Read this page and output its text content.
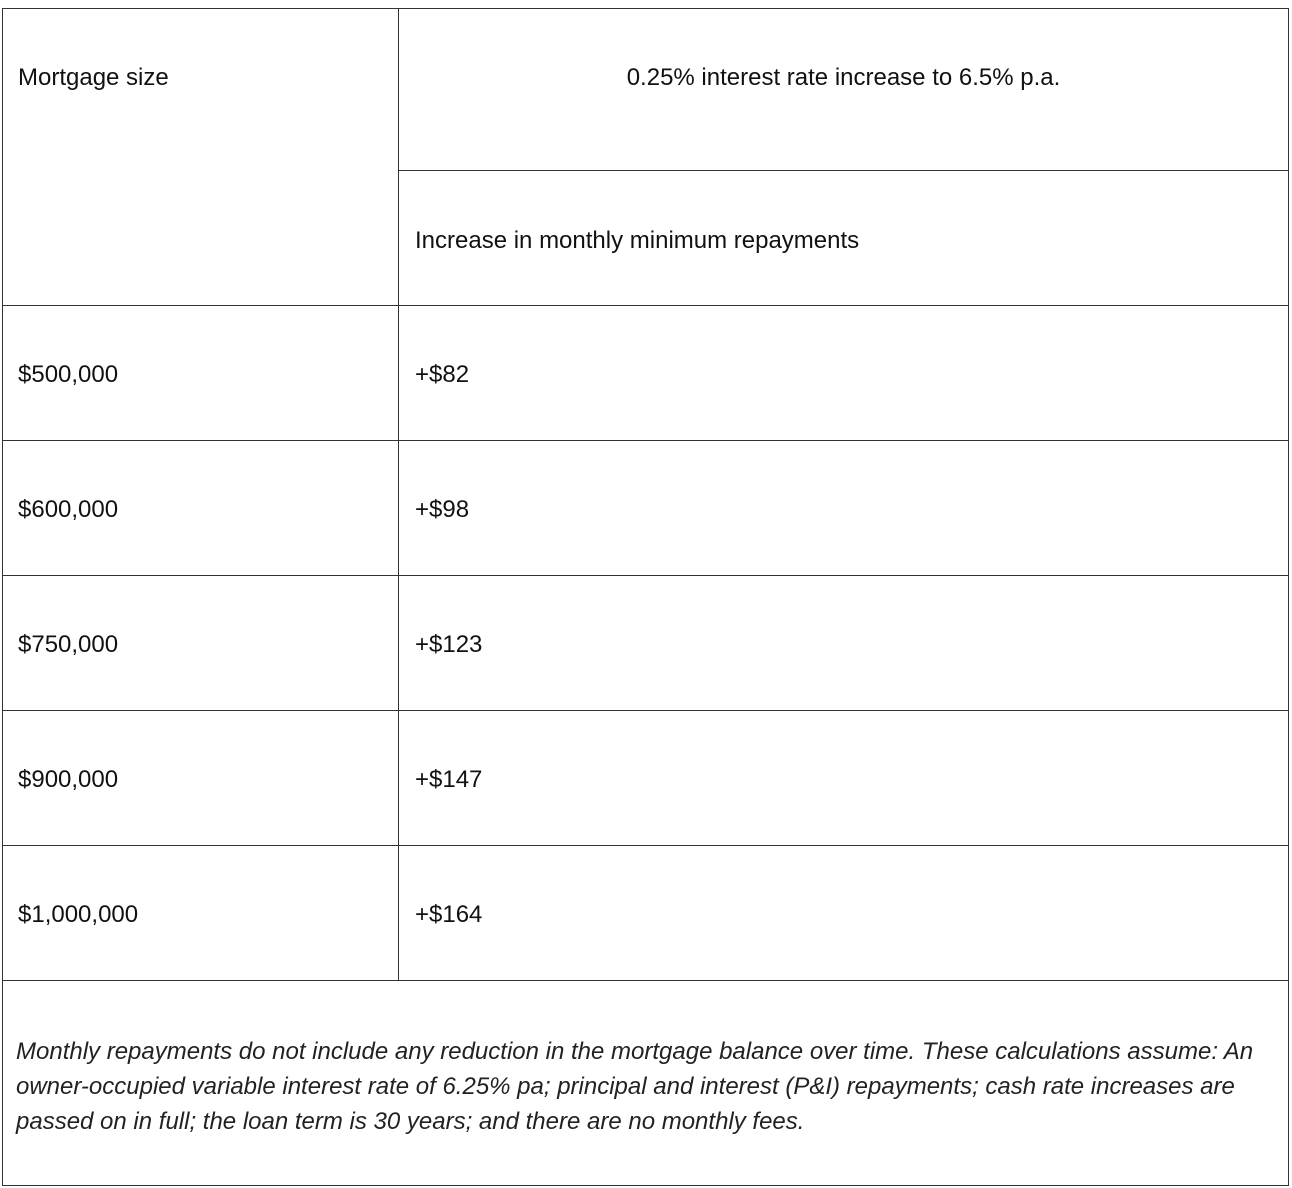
Mortgage size	0.25% interest rate increase to 6.5% p.a.
Increase in monthly minimum repayments
$500,000	+$82
$600,000	+$98
$750,000	+$123
$900,000	+$147
$1,000,000	+$164
Monthly repayments do not include any reduction in the mortgage balance over time. These calculations assume: An owner-occupied variable interest rate of 6.25% pa; principal and interest (P&I) repayments; cash rate increases are passed on in full; the loan term is 30 years; and there are no monthly fees.
